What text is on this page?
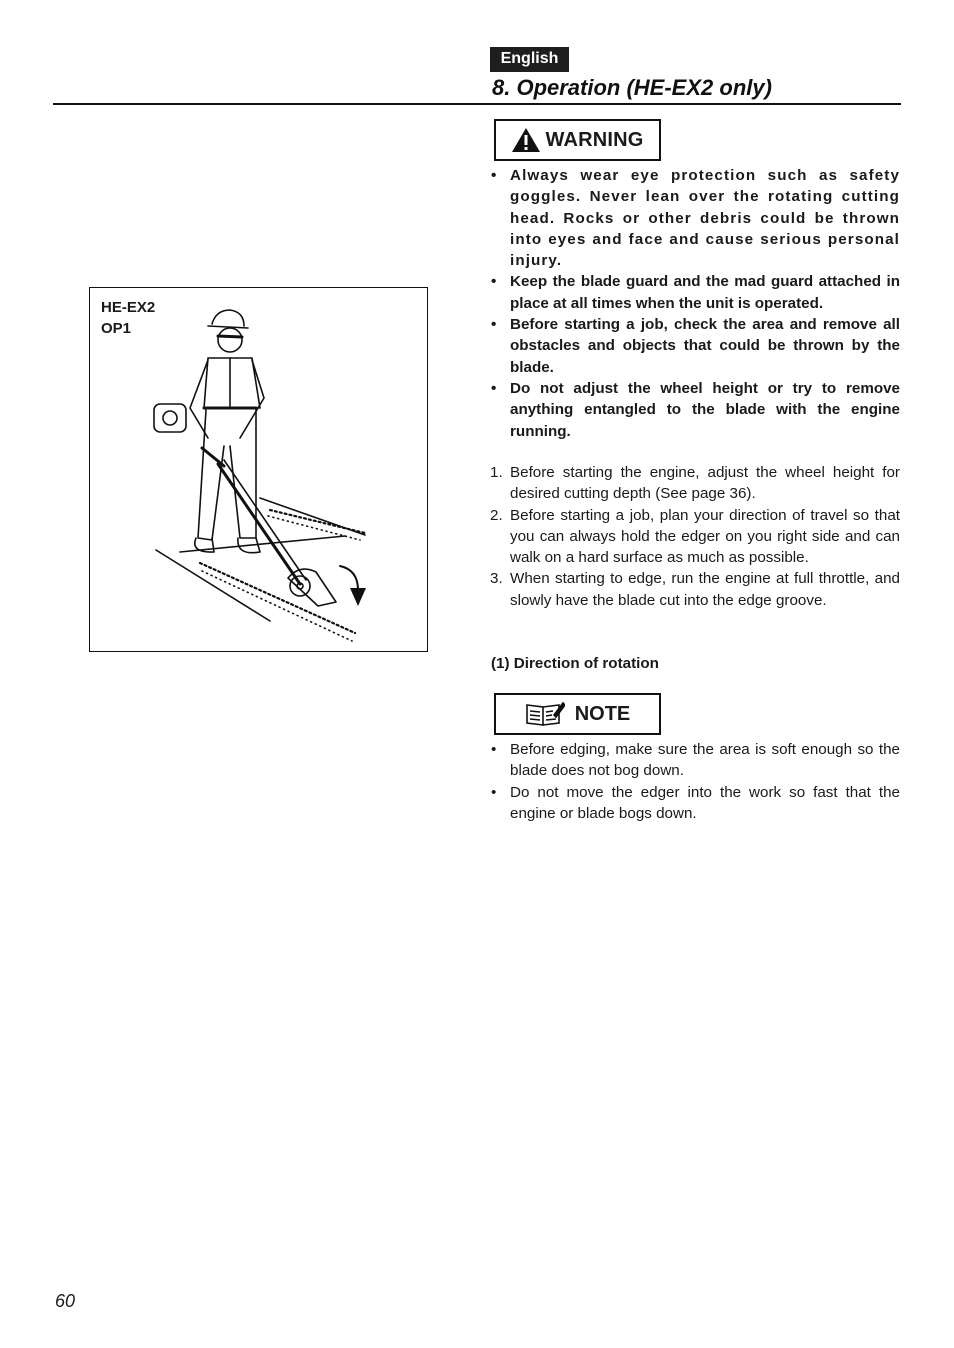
English
8. Operation (HE-EX2 only)
HE-EX2
OP1
WARNING
• Always wear eye protection such as safety goggles. Never lean over the rotating cutting head. Rocks or other debris could be thrown into eyes and face and cause serious personal injury.
• Keep the blade guard and the mad guard attached in place at all times when the unit is operated.
• Before starting a job, check the area and remove all obstacles and objects that could be thrown by the blade.
• Do not adjust the wheel height or try to remove anything entangled to the blade with the engine running.
1. Before starting the engine, adjust the wheel height for desired cutting depth (See page 36).
2. Before starting a job, plan your direction of travel so that you can always hold the edger on you right side and can walk on a hard surface as much as possible.
3. When starting to edge, run the engine at full throttle, and slowly have the blade cut into the edge groove.
(1) Direction of rotation
NOTE
• Before edging, make sure the area is soft enough so the blade does not bog down.
• Do not move the edger into the work so fast that the engine or blade bogs down.
60
